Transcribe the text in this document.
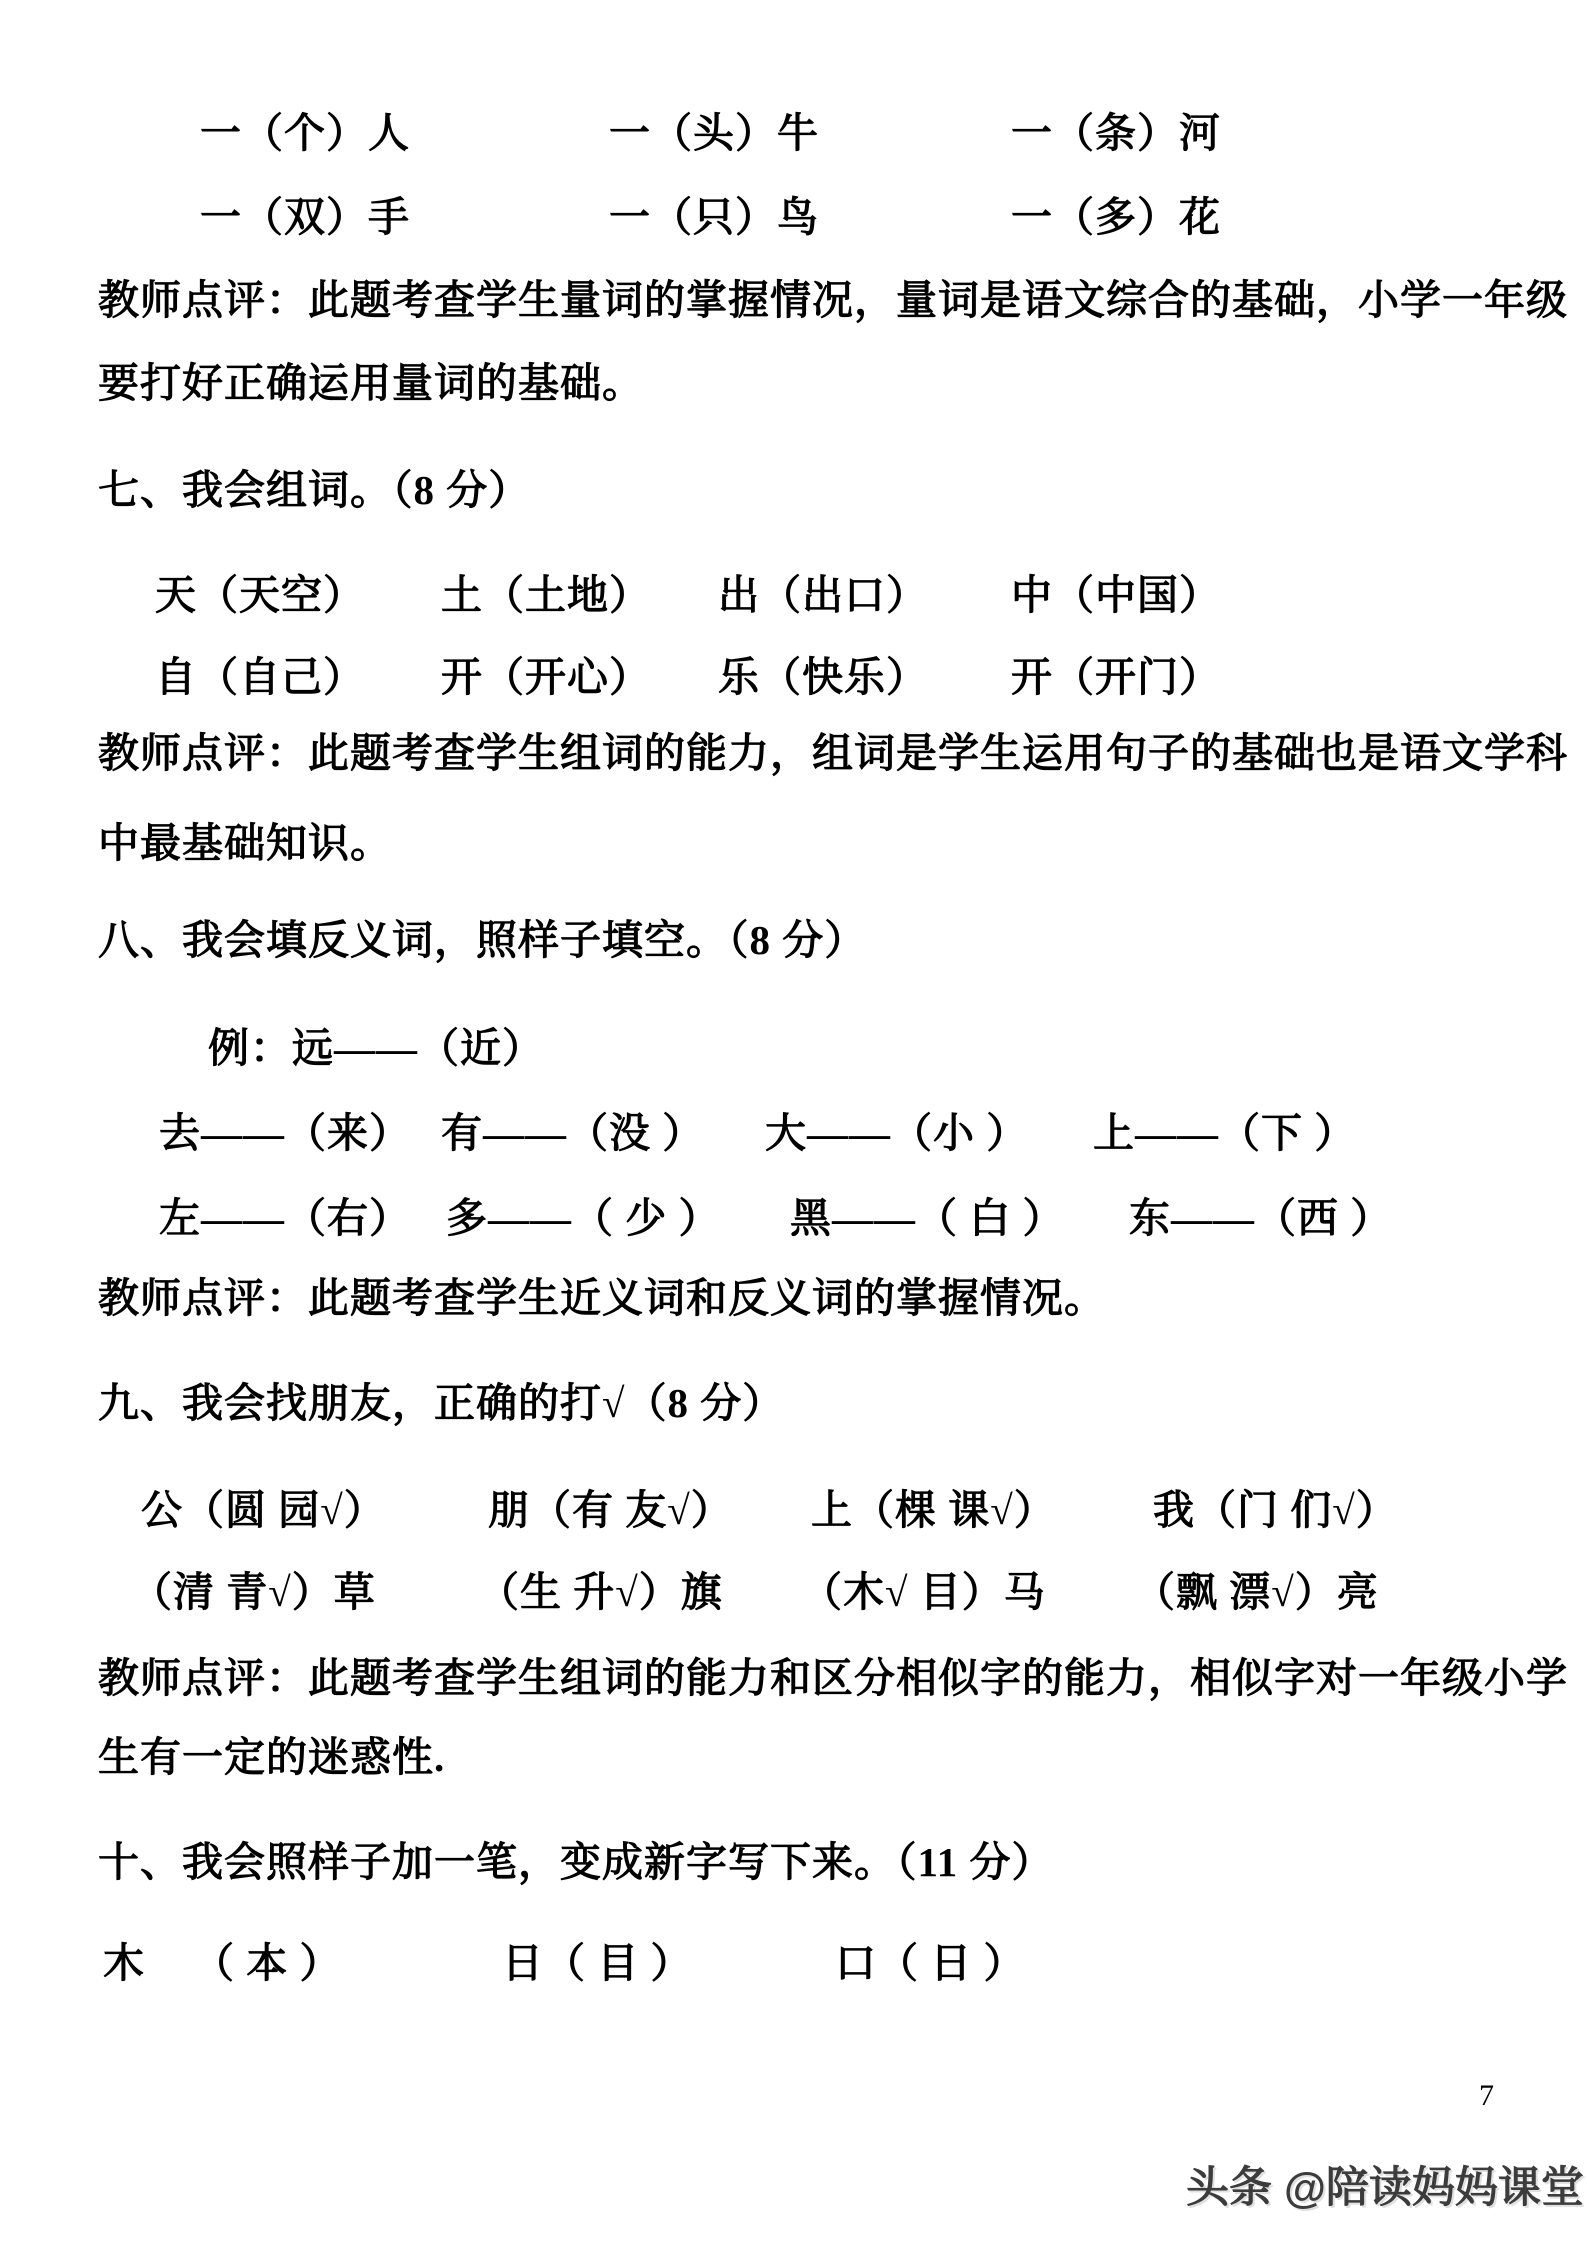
一（个）人	一（头）牛	一（条）河
一（双）手	一（只）鸟	一（多）花
教师点评：此题考查学生量词的掌握情况，量词是语文综合的基础，小学一年级
要打好正确运用量词的基础。
七、我会组词。（8 分）
天（天空） 土（土地） 出（出口） 中（中国）
自（自己） 开（开心） 乐（快乐） 开（开门）
教师点评：此题考查学生组词的能力，组词是学生运用句子的基础也是语文学科
中最基础知识。
八、我会填反义词，照样子填空。（8 分）
例：远——（近）
去——（来） 有——（没 ） 大——（小 ） 上——（下 ）
左——（右） 多——（ 少 ） 黑——（ 白 ） 东——（西 ）
教师点评：此题考查学生近义词和反义词的掌握情况。
九、我会找朋友，正确的打√（8 分）
公（圆 园√） 朋（有 友√） 上（棵 课√） 我（门 们√）
（清 青√）草 （生 升√）旗 （木√ 目）马 （飘 漂√）亮
教师点评：此题考查学生组词的能力和区分相似字的能力，相似字对一年级小学
生有一定的迷惑性.
十、我会照样子加一笔，变成新字写下来。（11 分）
木 （ 本 ）	日（ 目 ）	口（ 日 ）
7
头条 @陪读妈妈课堂
